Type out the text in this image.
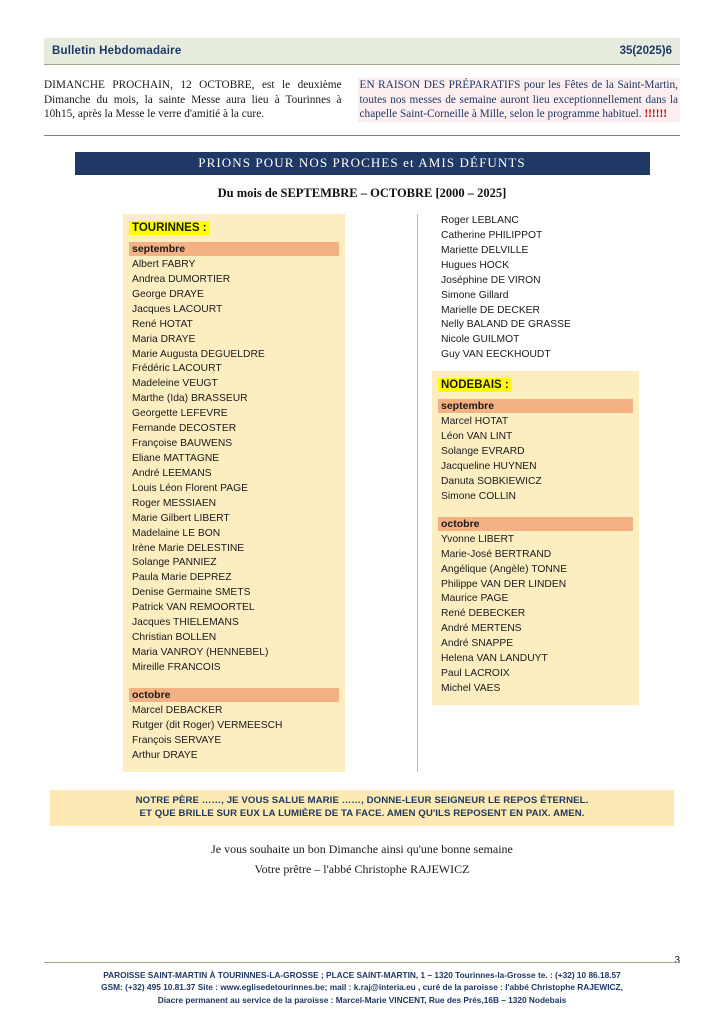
Bulletin Hebdomadaire	35(2025)6
DIMANCHE PROCHAIN, 12 OCTOBRE, est le deuxième Dimanche du mois, la sainte Messe aura lieu à Tourinnes à 10h15, après la Messe le verre d'amitié à la cure.
EN RAISON DES PRÉPARATIFS pour les Fêtes de la Saint-Martin, toutes nos messes de semaine auront lieu exceptionnellement dans la chapelle Saint-Corneille à Mille, selon le programme habituel. !!!!!!
PRIONS POUR NOS PROCHES et AMIS DÉFUNTS
Du mois de SEPTEMBRE – OCTOBRE [2000 – 2025]
TOURINNES :
septembre
Albert FABRY
Andrea DUMORTIER
George DRAYE
Jacques LACOURT
René HOTAT
Maria DRAYE
Marie Augusta DEGUELDRE
Frédéric LACOURT
Madeleine VEUGT
Marthe (Ida) BRASSEUR
Georgette LEFEVRE
Fernande DECOSTER
Françoise BAUWENS
Eliane MATTAGNE
André LEEMANS
Louis Léon Florent PAGE
Roger MESSIAEN
Marie Gilbert LIBERT
Madelaine LE BON
Irène Marie DELESTINE
Solange PANNIEZ
Paula Marie DEPREZ
Denise Germaine SMETS
Patrick VAN REMOORTEL
Jacques THIELEMANS
Christian BOLLEN
Maria VANROY (HENNEBEL)
Mireille FRANCOIS
octobre
Marcel DEBACKER
Rutger (dit Roger) VERMEESCH
François SERVAYE
Arthur DRAYE
Roger LEBLANC
Catherine PHILIPPOT
Mariette DELVILLE
Hugues HOCK
Joséphine DE VIRON
Simone Gillard
Marielle DE DECKER
Nelly BALAND DE GRASSE
Nicole GUILMOT
Guy VAN EECKHOUDT
NODEBAIS :
septembre
Marcel HOTAT
Léon VAN LINT
Solange EVRARD
Jacqueline HUYNEN
Danuta SOBKIEWICZ
Simone COLLIN
octobre
Yvonne LIBERT
Marie-José BERTRAND
Angélique (Angèle) TONNE
Philippe VAN DER LINDEN
Maurice PAGE
René DEBECKER
André MERTENS
André SNAPPE
Helena VAN LANDUYT
Paul LACROIX
Michel VAES
NOTRE PÈRE ……, JE VOUS SALUE MARIE ……, DONNE-LEUR SEIGNEUR LE REPOS ÉTERNEL.
ET QUE BRILLE SUR EUX LA LUMIÈRE DE TA FACE. AMEN QU'ILS REPOSENT EN PAIX. AMEN.
Je vous souhaite un bon Dimanche ainsi qu'une bonne semaine
Votre prêtre – l'abbé Christophe RAJEWICZ
3
PAROISSE SAINT-MARTIN À TOURINNES-LA-GROSSE ; PLACE SAINT-MARTIN, 1 – 1320 Tourinnes-la-Grosse te. : (+32) 10 86.18.57
GSM: (+32) 495 10.81.37 Site : www.eglisedetourinnes.be; mail : k.raj@interia.eu , curé de la paroisse : l'abbé Christophe RAJEWICZ,
Diacre permanent au service de la paroisse : Marcel-Marie VINCENT, Rue des Prés,16B – 1320 Nodebais
